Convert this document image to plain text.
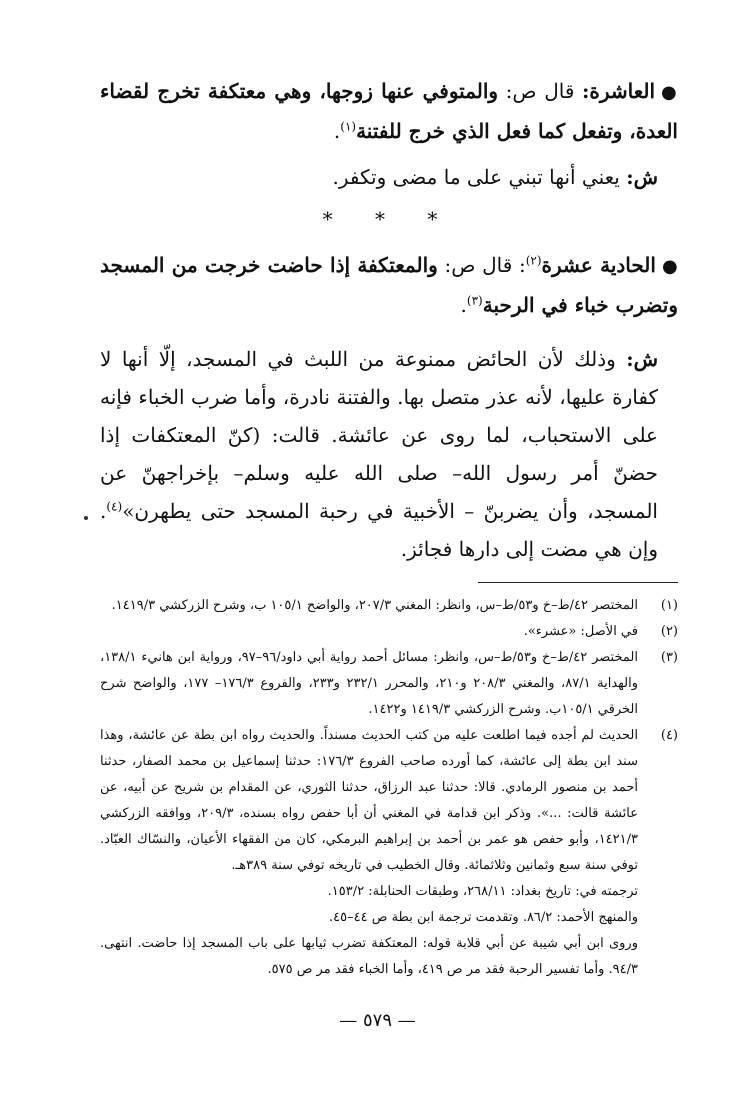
●العاشرة: قال ص: والمتوفي عنها زوجها، وهي معتكفة تخرج لقضاء العدة، وتفعل كما فعل الذي خرج للفتنة$^{(١)}$.

ش: يعني أنها تبني على ما مضى وتكفر.

* * *

●الحادية عشرة$^{(٢)}$: قال ص: والمعتكفة إذا حاضت خرجت من المسجد وتضرب خباء في الرحبة$^{(٣)}$.

ش: وذلك لأن الحائض ممنوعة من اللبث في المسجد، إلّا أنها لا كفارة عليها، لأنه عذر متصل بها. والفتنة نادرة، وأما ضرب الخباء فإنه على الاستحباب، لما روى عن عائشة. قالت: (كنّ المعتكفات إذا حضنّ أمر رسول الله– صلى الله عليه وسلم– بإخراجهنّ عن المسجد، وأن يضربنّ – الأخبية في رحبة المسجد حتى يطهرن»$^{(٤)}$. وإن هي مضت إلى دارها فجائز.

(١)
المختصر ٤٢/ط–خ و٥٣/ط–س، وانظر: المغني ٢٠٧/٣، والواضح ١٠٥/١ ب، وشرح الزركشي ١٤١٩/٣.
(٢)
في الأصل: «عشرء».
(٣)
المختصر ٤٢/ط–خ و٥٣/ط–س، وانظر: مسائل أحمد رواية أبي داود/٩٦–٩٧، ورواية ابن هانيء ١٣٨/١، والهداية ٨٧/١، والمغني ٢٠٨/٣ و٢١٠، والمحرر ٢٣٢/١ و٢٣٣، والفروع ١٧٦/٣– ١٧٧، والواضح شرح الخرقي ١٠٥/١ب. وشرح الزركشي ١٤١٩/٣ و١٤٢٢.
(٤)
الحديث لم أجده فيما اطلعت عليه من كتب الحديث مسنداً. والحديث رواه ابن بطة عن عائشة، وهذا سند ابن بطة إلى عائشة، كما أورده صاحب الفروع ١٧٦/٣: حدثنا إسماعيل بن محمد الصفار، حدثنا أحمد بن منصور الرمادي. قالا: حدثنا عبد الرزاق، حدثنا الثوري، عن المقدام بن شريح عن أبيه، عن عائشة قالت: ...». وذكر ابن قدامة في المغني أن أبا حفص رواه بسنده، ٢٠٩/٣، ووافقه الزركشي ١٤٢١/٣، وأبو حفص هو عمر بن أحمد بن إبراهيم البرمكي، كان من الفقهاء الأعيان، والنسّاك العبّاد. توفي سنة سبع وثمانين وثلاثمائة. وقال الخطيب في تاريخه توفي سنة ٣٨٩هـ.
ترجمته في: تاريخ بغداد: ٢٦٨/١١، وطبقات الحنابلة: ١٥٣/٢.
والمنهج الأحمد: ٨٦/٢. وتقدمت ترجمة ابن بطة ص ٤٤–٤٥.
وروى ابن أبي شيبة عن أبي قلابة قوله: المعتكفة تضرب ثيابها على باب المسجد إذا حاضت. انتهى. ٩٤/٣. وأما تفسير الرحبة فقد مر ص ٤١٩، وأما الخباء فقد مر ص ٥٧٥.
— ٥٧٩ —
